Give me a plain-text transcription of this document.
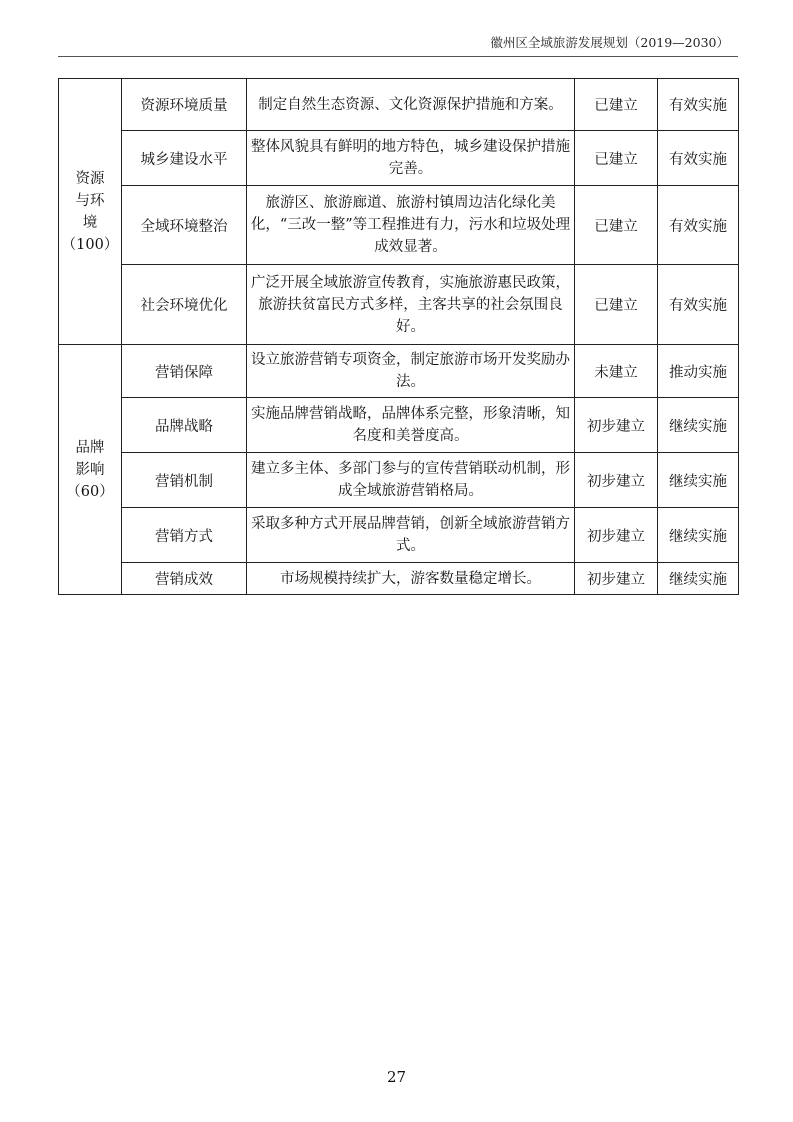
徽州区全域旅游发展规划（2019—2030）
资源
与环
境
（100）	资源环境质量	制定自然生态资源、文化资源保护措施和方案。	已建立	有效实施
	城乡建设水平	整体风貌具有鲜明的地方特色，城乡建设保护措施完善。	已建立	有效实施
	全域环境整治	旅游区、旅游廊道、旅游村镇周边洁化绿化美化，“三改一整”等工程推进有力，污水和垃圾处理成效显著。	已建立	有效实施
	社会环境优化	广泛开展全域旅游宣传教育，实施旅游惠民政策，旅游扶贫富民方式多样，主客共享的社会氛围良好。	已建立	有效实施

品牌
影响
（60）	营销保障	设立旅游营销专项资金，制定旅游市场开发奖励办法。	未建立	推动实施
	品牌战略	实施品牌营销战略，品牌体系完整，形象清晰，知名度和美誉度高。	初步建立	继续实施
	营销机制	建立多主体、多部门参与的宣传营销联动机制，形成全域旅游营销格局。	初步建立	继续实施
	营销方式	采取多种方式开展品牌营销，创新全域旅游营销方式。	初步建立	继续实施
	营销成效	市场规模持续扩大，游客数量稳定增长。	初步建立	继续实施
27
